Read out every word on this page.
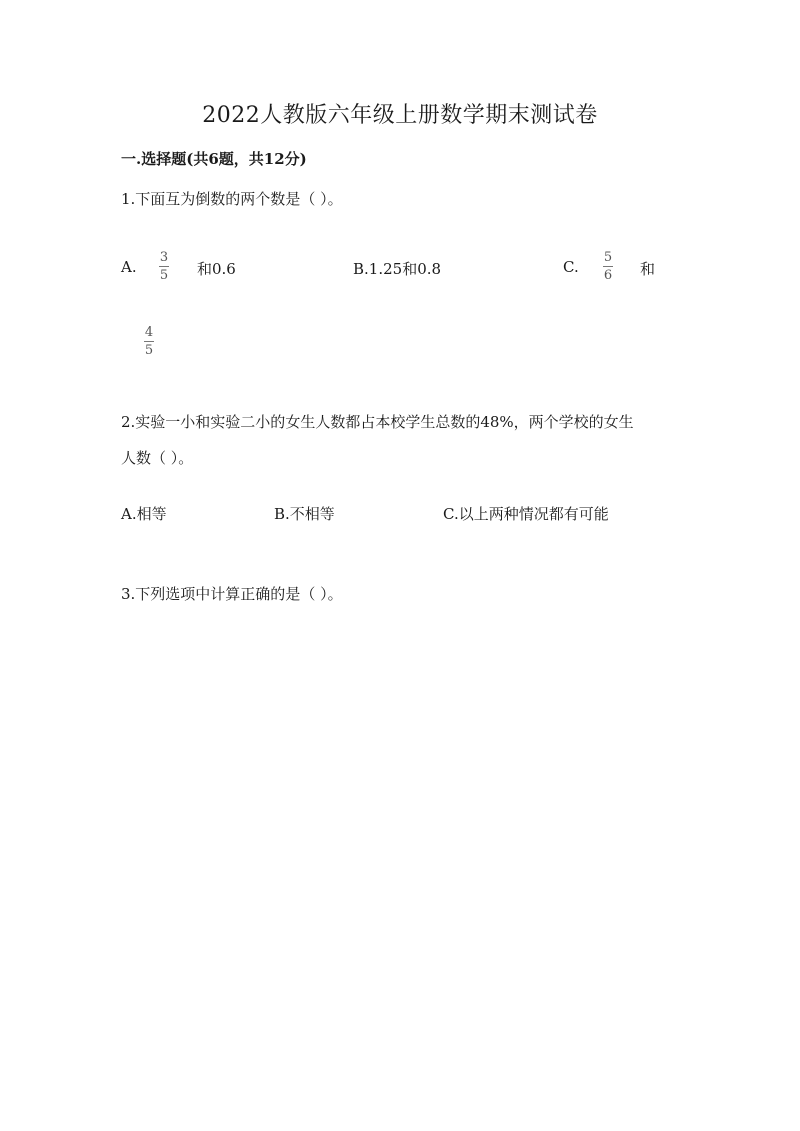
2022人教版六年级上册数学期末测试卷
一.选择题(共6题，共12分)
1.下面互为倒数的两个数是（ ）。
A.
3
5 和0.6	B.1.25和0.8	C.
5
6 和
4
5
2.实验一小和实验二小的女生人数都占本校学生总数的48%，两个学校的女生
人数（ ）。
A.相等	B.不相等	C.以上两种情况都有可能
3.下列选项中计算正确的是（ ）。
